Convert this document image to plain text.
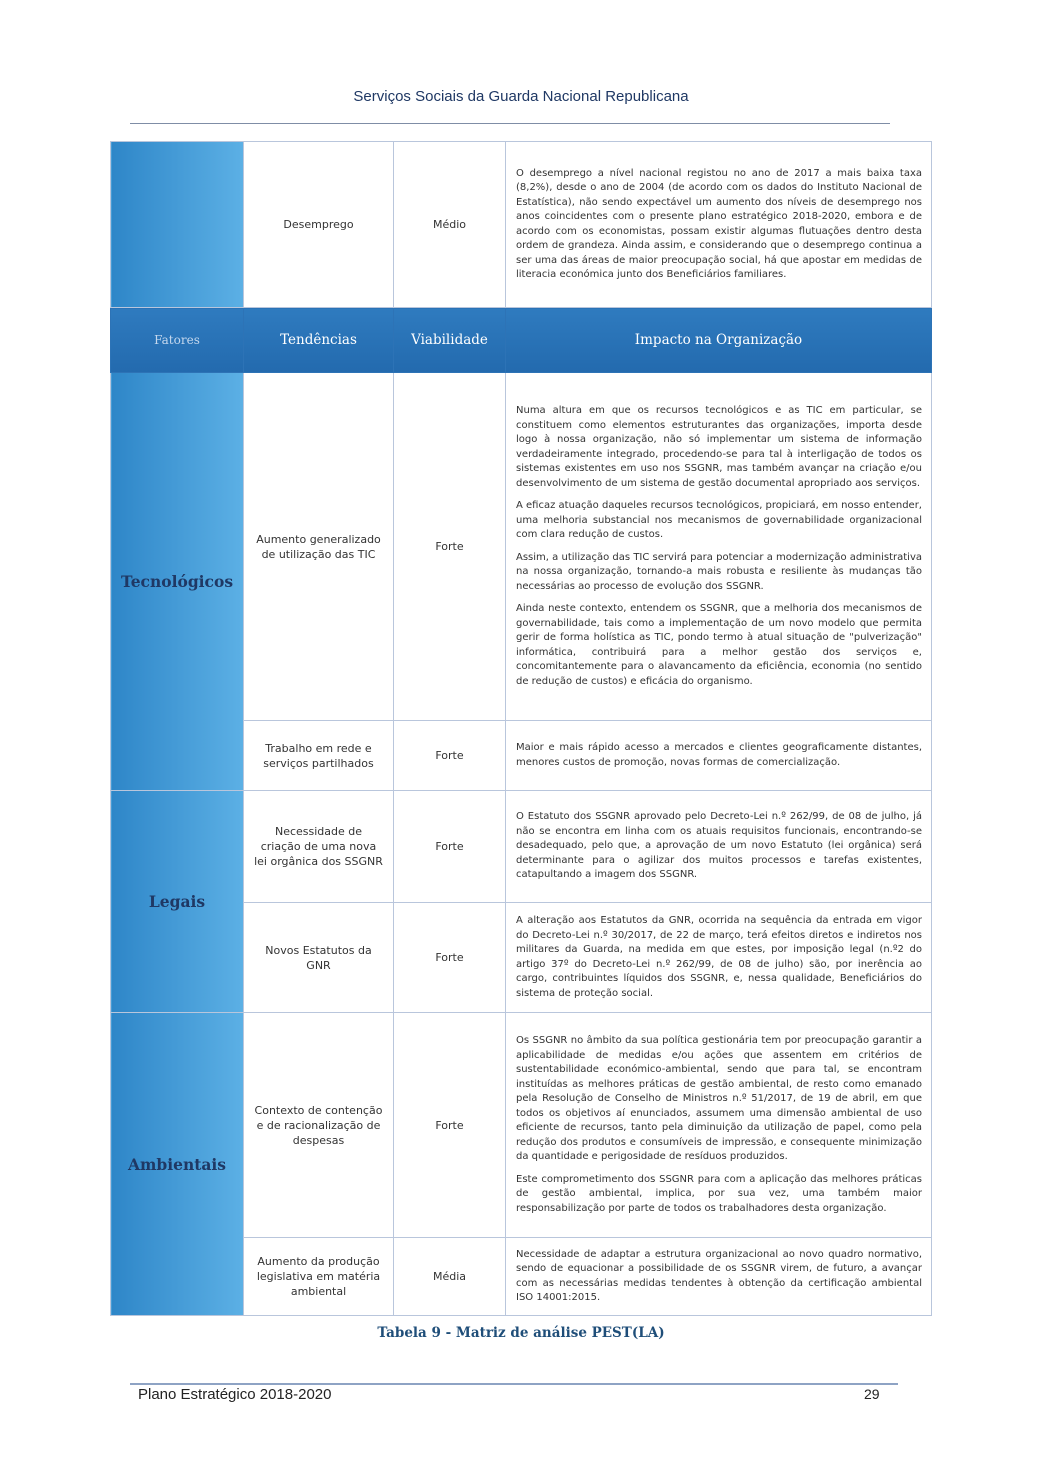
Serviços Sociais da Guarda Nacional Republicana
	Desemprego	Médio	O desemprego a nível nacional registou no ano de 2017 a mais baixa taxa (8,2%), desde o ano de 2004 (de acordo com os dados do Instituto Nacional de Estatística), não sendo expectável um aumento dos níveis de desemprego nos anos coincidentes com o presente plano estratégico 2018-2020, embora e de acordo com os economistas, possam existir algumas flutuações dentro desta ordem de grandeza. Ainda assim, e considerando que o desemprego continua a ser uma das áreas de maior preocupação social, há que apostar em medidas de literacia económica junto dos Beneficiários familiares.

Fatores	Tendências	Viabilidade	Impacto na Organização
Tecnológicos	Aumento generalizado de utilização das TIC	Forte	Numa altura em que os recursos tecnológicos e as TIC em particular, se constituem como elementos estruturantes das organizações, importa desde logo à nossa organização, não só implementar um sistema de informação verdadeiramente integrado, procedendo-se para tal à interligação de todos os sistemas existentes em uso nos SSGNR, mas também avançar na criação e/ou desenvolvimento de um sistema de gestão documental apropriado aos serviços.

A eficaz atuação daqueles recursos tecnológicos, propiciará, em nosso entender, uma melhoria substancial nos mecanismos de governabilidade organizacional com clara redução de custos.

Assim, a utilização das TIC servirá para potenciar a modernização administrativa na nossa organização, tornando-a mais robusta e resiliente às mudanças tão necessárias ao processo de evolução dos SSGNR.

Ainda neste contexto, entendem os SSGNR, que a melhoria dos mecanismos de governabilidade, tais como a implementação de um novo modelo que permita gerir de forma holística as TIC, pondo termo à atual situação de "pulverização" informática, contribuirá para a melhor gestão dos serviços e, concomitantemente para o alavancamento da eficiência, economia (no sentido de redução de custos) e eficácia do organismo.

	Trabalho em rede e serviços partilhados	Forte	Maior e mais rápido acesso a mercados e clientes geograficamente distantes, menores custos de promoção, novas formas de comercialização.

Legais	Necessidade de criação de uma nova lei orgânica dos SSGNR	Forte	O Estatuto dos SSGNR aprovado pelo Decreto-Lei n.º 262/99, de 08 de julho, já não se encontra em linha com os atuais requisitos funcionais, encontrando-se desadequado, pelo que, a aprovação de um novo Estatuto (lei orgânica) será determinante para o agilizar dos muitos processos e tarefas existentes, catapultando a imagem dos SSGNR.

	Novos Estatutos da GNR	Forte	A alteração aos Estatutos da GNR, ocorrida na sequência da entrada em vigor do Decreto-Lei n.º 30/2017, de 22 de março, terá efeitos diretos e indiretos nos militares da Guarda, na medida em que estes, por imposição legal (n.º2 do artigo 37º do Decreto-Lei n.º 262/99, de 08 de julho) são, por inerência ao cargo, contribuintes líquidos dos SSGNR, e, nessa qualidade, Beneficiários do sistema de proteção social.

Ambientais	Contexto de contenção e de racionalização de despesas	Forte	Os SSGNR no âmbito da sua política gestionária tem por preocupação garantir a aplicabilidade de medidas e/ou ações que assentem em critérios de sustentabilidade económico-ambiental, sendo que para tal, se encontram instituídas as melhores práticas de gestão ambiental, de resto como emanado pela Resolução de Conselho de Ministros n.º 51/2017, de 19 de abril, em que todos os objetivos aí enunciados, assumem uma dimensão ambiental de uso eficiente de recursos, tanto pela diminuição da utilização de papel, como pela redução dos produtos e consumíveis de impressão, e consequente minimização da quantidade e perigosidade de resíduos produzidos.

Este comprometimento dos SSGNR para com a aplicação das melhores práticas de gestão ambiental, implica, por sua vez, uma também maior responsabilização por parte de todos os trabalhadores desta organização.

	Aumento da produção legislativa em matéria ambiental	Média	Necessidade de adaptar a estrutura organizacional ao novo quadro normativo, sendo de equacionar a possibilidade de os SSGNR virem, de futuro, a avançar com as necessárias medidas tendentes à obtenção da certificação ambiental ISO 14001:2015.

Tabela 9 - Matriz de análise PEST(LA)
Plano Estratégico 2018-2020	29
